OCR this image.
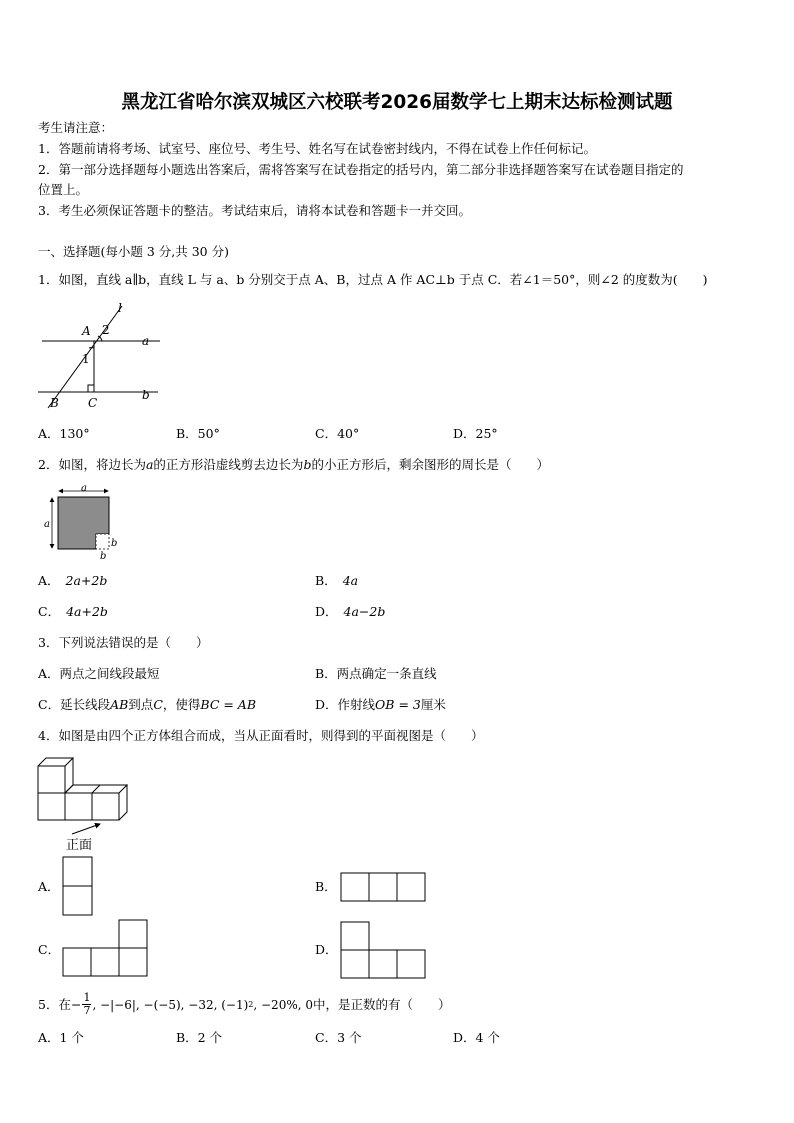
黑龙江省哈尔滨双城区六校联考2026届数学七上期末达标检测试题
考生请注意：
1．答题前请将考场、试室号、座位号、考生号、姓名写在试卷密封线内，不得在试卷上作任何标记。
2．第一部分选择题每小题选出答案后，需将答案写在试卷指定的括号内，第二部分非选择题答案写在试卷题目指定的
位置上。
3．考生必须保证答题卡的整洁。考试结束后，请将本试卷和答题卡一并交回。
一、选择题(每小题 3 分,共 30 分)
1．如图，直线 a∥b，直线 L 与 a、b 分别交于点 A、B，过点 A 作 AC⊥b 于点 C．若∠1＝50°，则∠2 的度数为(　　)
l
A 2
a
1
B C
b
A．130°	B．50°	C．40°	D．25°
2．如图，将边长为a的正方形沿虚线剪去边长为b的小正方形后，剩余图形的周长是（　　）
a
a
b
b
A． 2a+2b	B． 4a
C． 4a+2b	D． 4a−2b
3．下列说法错误的是（　　）
A．两点之间线段最短	B．两点确定一条直线
C．延长线段AB到点C，使得BC = AB	D．作射线OB = 3厘米
4．如图是由四个正方体组合而成，当从正面看时，则得到的平面视图是（　　）
正面
A．	B．
C．	D．
5．在 − $\frac{1}{7}$ , −|−6|, −(−5), −32, (−1) 2 , −20%, 0 中，是正数的有（　　）
A．1 个	B．2 个	C．3 个	D．4 个
